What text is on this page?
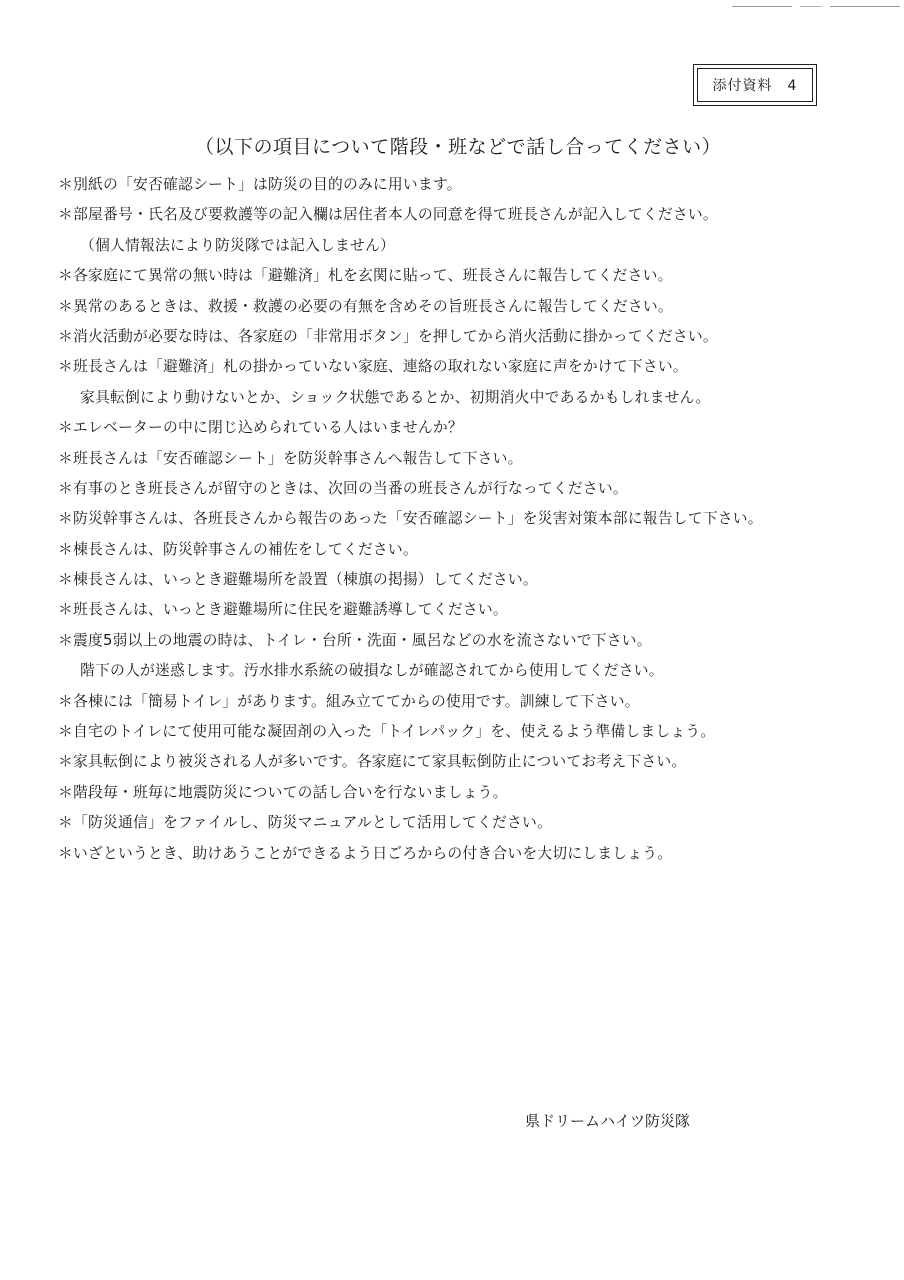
添付資料　4
（以下の項目について階段・班などで話し合ってください）
＊別紙の「安否確認シート」は防災の目的のみに用います。
＊部屋番号・氏名及び要救護等の記入欄は居住者本人の同意を得て班長さんが記入してください。
（個人情報法により防災隊では記入しません）
＊各家庭にて異常の無い時は「避難済」札を玄関に貼って、班長さんに報告してください。
＊異常のあるときは、救援・救護の必要の有無を含めその旨班長さんに報告してください。
＊消火活動が必要な時は、各家庭の「非常用ボタン」を押してから消火活動に掛かってください。
＊班長さんは「避難済」札の掛かっていない家庭、連絡の取れない家庭に声をかけて下さい。
家具転倒により動けないとか、ショック状態であるとか、初期消火中であるかもしれません。
＊エレベーターの中に閉じ込められている人はいませんか？
＊班長さんは「安否確認シート」を防災幹事さんへ報告して下さい。
＊有事のとき班長さんが留守のときは、次回の当番の班長さんが行なってください。
＊防災幹事さんは、各班長さんから報告のあった「安否確認シート」を災害対策本部に報告して下さい。
＊棟長さんは、防災幹事さんの補佐をしてください。
＊棟長さんは、いっとき避難場所を設置（棟旗の掲揚）してください。
＊班長さんは、いっとき避難場所に住民を避難誘導してください。
＊震度5弱以上の地震の時は、トイレ・台所・洗面・風呂などの水を流さないで下さい。
階下の人が迷惑します。汚水排水系統の破損なしが確認されてから使用してください。
＊各棟には「簡易トイレ」があります。組み立ててからの使用です。訓練して下さい。
＊自宅のトイレにて使用可能な凝固剤の入った「トイレパック」を、使えるよう準備しましょう。
＊家具転倒により被災される人が多いです。各家庭にて家具転倒防止についてお考え下さい。
＊階段毎・班毎に地震防災についての話し合いを行ないましょう。
＊「防災通信」をファイルし、防災マニュアルとして活用してください。
＊いざというとき、助けあうことができるよう日ごろからの付き合いを大切にしましょう。
県ドリームハイツ防災隊
